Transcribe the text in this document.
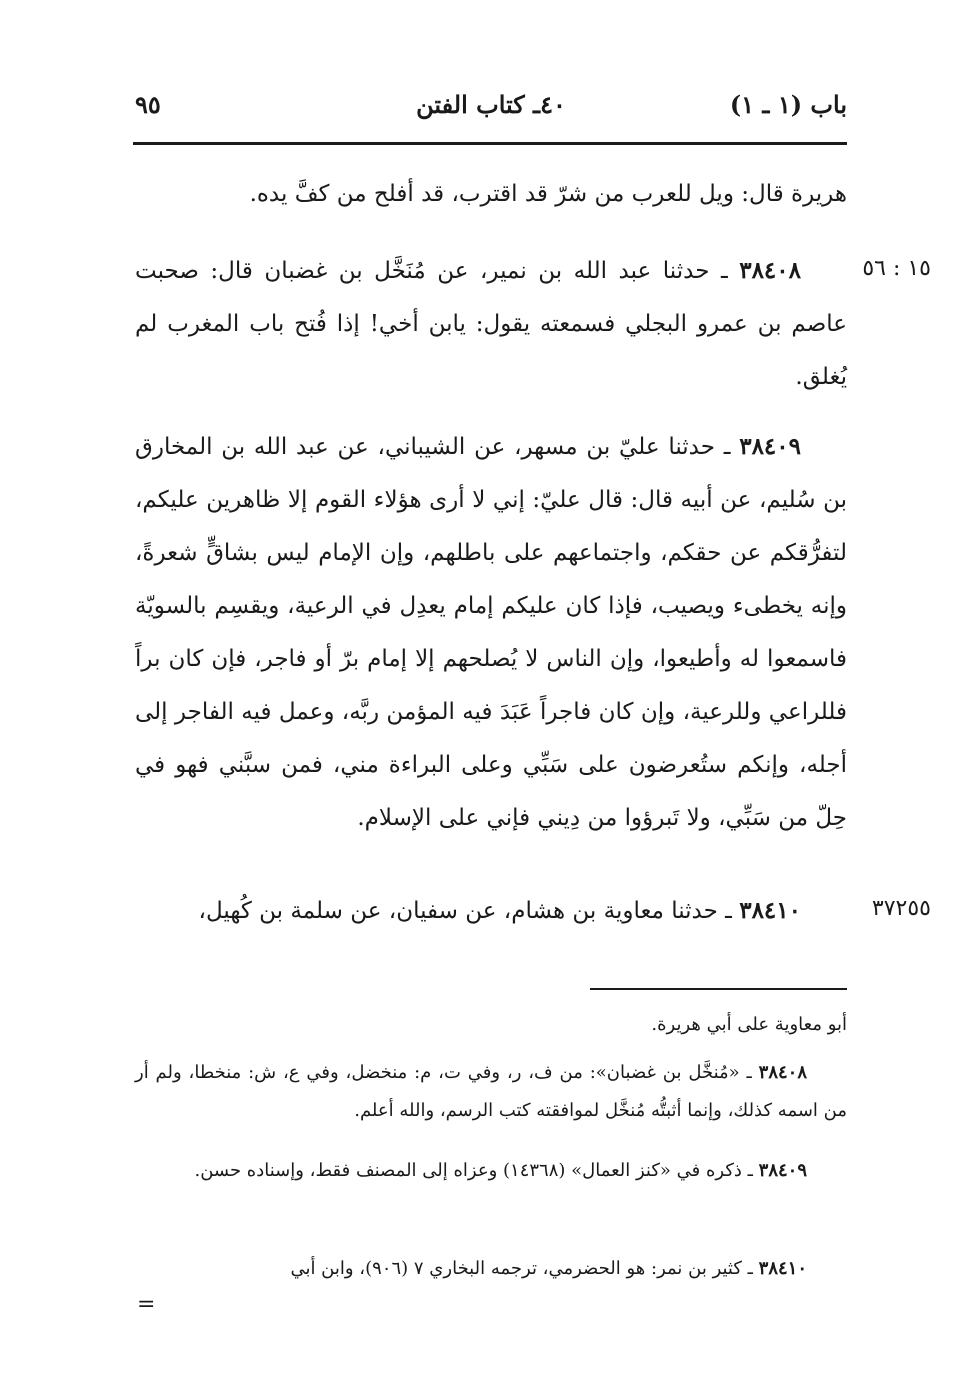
باب (١ ـ ١)
٤٠ـ كتاب الفتن
٩٥
١٥ : ٥٦
٣٧٢٥٥
هريرة قال: ويل للعرب من شرّ قد اقترب، قد أفلح من كفَّ يده.
٣٨٤٠٨ ـ حدثنا عبد الله بن نمير، عن مُنَخَّل بن غضبان قال: صحبت عاصم بن عمرو البجلي فسمعته يقول: يابن أخي! إذا فُتح باب المغرب لم يُغلق.
٣٨٤٠٩ ـ حدثنا عليّ بن مسهر، عن الشيباني، عن عبد الله بن المخارق بن سُليم، عن أبيه قال: قال عليّ: إني لا أرى هؤلاء القوم إلا ظاهرين عليكم، لتفرُّقكم عن حقكم، واجتماعهم على باطلهم، وإن الإمام ليس بشاقٍّ شعرةً، وإنه يخطىء ويصيب، فإذا كان عليكم إمام يعدِل في الرعية، ويقسِم بالسويّة فاسمعوا له وأطيعوا، وإن الناس لا يُصلحهم إلا إمام برّ أو فاجر، فإن كان براً فللراعي وللرعية، وإن كان فاجراً عَبَدَ فيه المؤمن ربَّه، وعمل فيه الفاجر إلى أجله، وإنكم ستُعرضون على سَبِّي وعلى البراءة مني، فمن سبَّني فهو في حِلّ من سَبِّي، ولا تَبرؤوا من دِيني فإني على الإسلام.
٣٨٤١٠ ـ حدثنا معاوية بن هشام، عن سفيان، عن سلمة بن كُهيل،
أبو معاوية على أبي هريرة.
٣٨٤٠٨ ـ «مُنخَّل بن غضبان»: من ف، ر، وفي ت، م: منخضل، وفي ع، ش: منخطا، ولم أر من اسمه كذلك، وإنما أثبتُّه مُنخَّل لموافقته كتب الرسم، والله أعلم.
٣٨٤٠٩ ـ ذكره في «كنز العمال» (١٤٣٦٨) وعزاه إلى المصنف فقط، وإسناده حسن.
٣٨٤١٠ ـ كثير بن نمر: هو الحضرمي، ترجمه البخاري ٧ (٩٠٦)، وابن أبي
=
